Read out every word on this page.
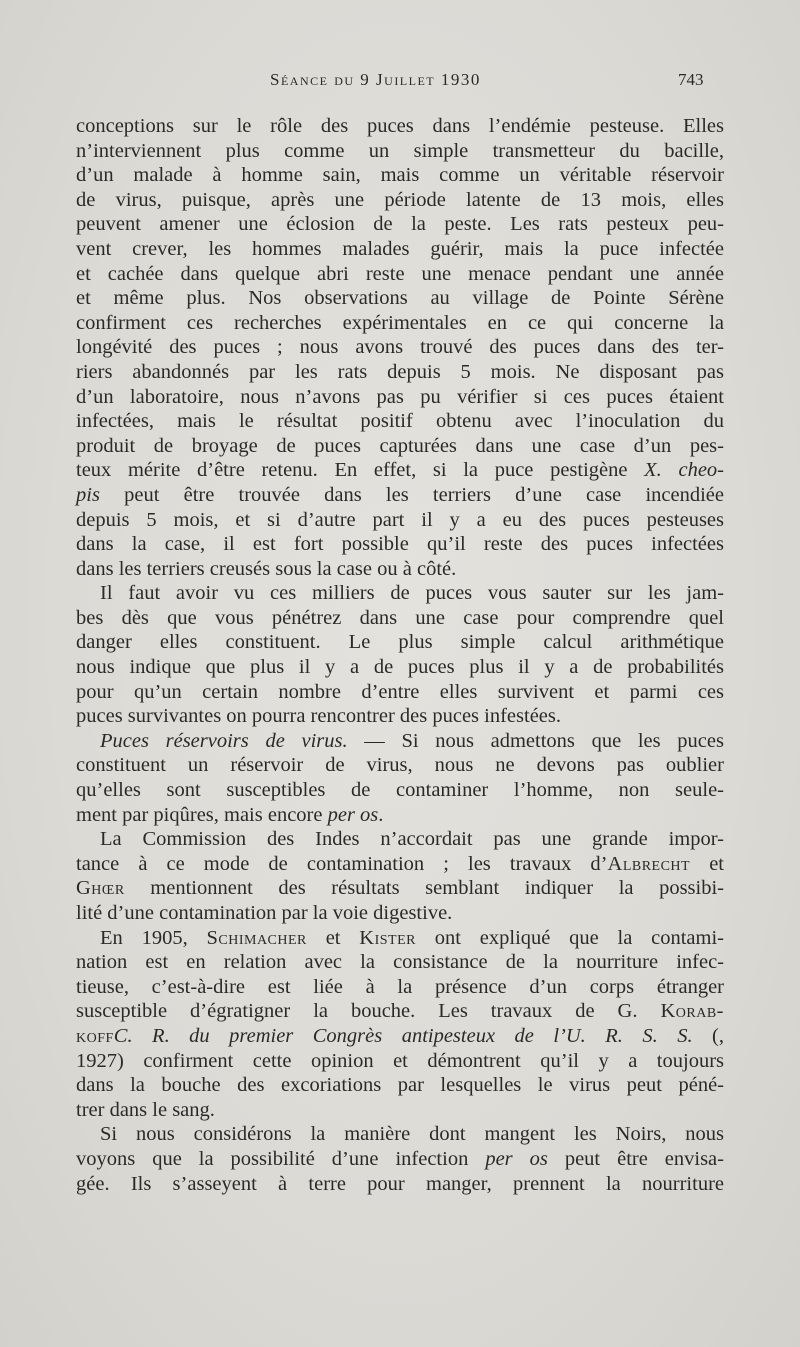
Séance du 9 Juillet 1930	743
conceptions sur le rôle des puces dans l’endémie pesteuse. Elles
n’interviennent plus comme un simple transmetteur du bacille,
d’un malade à homme sain, mais comme un véritable réservoir
de virus, puisque, après une période latente de 13 mois, elles
peuvent amener une éclosion de la peste. Les rats pesteux peu-
vent crever, les hommes malades guérir, mais la puce infectée
et cachée dans quelque abri reste une menace pendant une année
et même plus. Nos observations au village de Pointe Sérène
confirment ces recherches expérimentales en ce qui concerne la
longévité des puces ; nous avons trouvé des puces dans des ter-
riers abandonnés par les rats depuis 5 mois. Ne disposant pas
d’un laboratoire, nous n’avons pas pu vérifier si ces puces étaient
infectées, mais le résultat positif obtenu avec l’inoculation du
produit de broyage de puces capturées dans une case d’un pes-
teux mérite d’être retenu. En effet, si la puce pestigène X. cheo-
pis peut être trouvée dans les terriers d’une case incendiée
depuis 5 mois, et si d’autre part il y a eu des puces pesteuses
dans la case, il est fort possible qu’il reste des puces infectées
dans les terriers creusés sous la case ou à côté.
Il faut avoir vu ces milliers de puces vous sauter sur les jam-
bes dès que vous pénétrez dans une case pour comprendre quel
danger elles constituent. Le plus simple calcul arithmétique
nous indique que plus il y a de puces plus il y a de probabilités
pour qu’un certain nombre d’entre elles survivent et parmi ces
puces survivantes on pourra rencontrer des puces infestées.
Puces réservoirs de virus. — Si nous admettons que les puces
constituent un réservoir de virus, nous ne devons pas oublier
qu’elles sont susceptibles de contaminer l’homme, non seule-
ment par piqûres, mais encore per os.
La Commission des Indes n’accordait pas une grande impor-
tance à ce mode de contamination ; les travaux d’Albrecht et
Ghœr mentionnent des résultats semblant indiquer la possibi-
lité d’une contamination par la voie digestive.
En 1905, Schimacher et Kister ont expliqué que la contami-
nation est en relation avec la consistance de la nourriture infec-
tieuse, c’est-à-dire est liée à la présence d’un corps étranger
susceptible d’égratigner la bouche. Les travaux de G. Korab-
koffC. R. du premier Congrès antipesteux de l’U. R. S. S. (,
1927) confirment cette opinion et démontrent qu’il y a toujours
dans la bouche des excoriations par lesquelles le virus peut péné-
trer dans le sang.
Si nous considérons la manière dont mangent les Noirs, nous
voyons que la possibilité d’une infection per os peut être envisa-
gée. Ils s’asseyent à terre pour manger, prennent la nourriture
